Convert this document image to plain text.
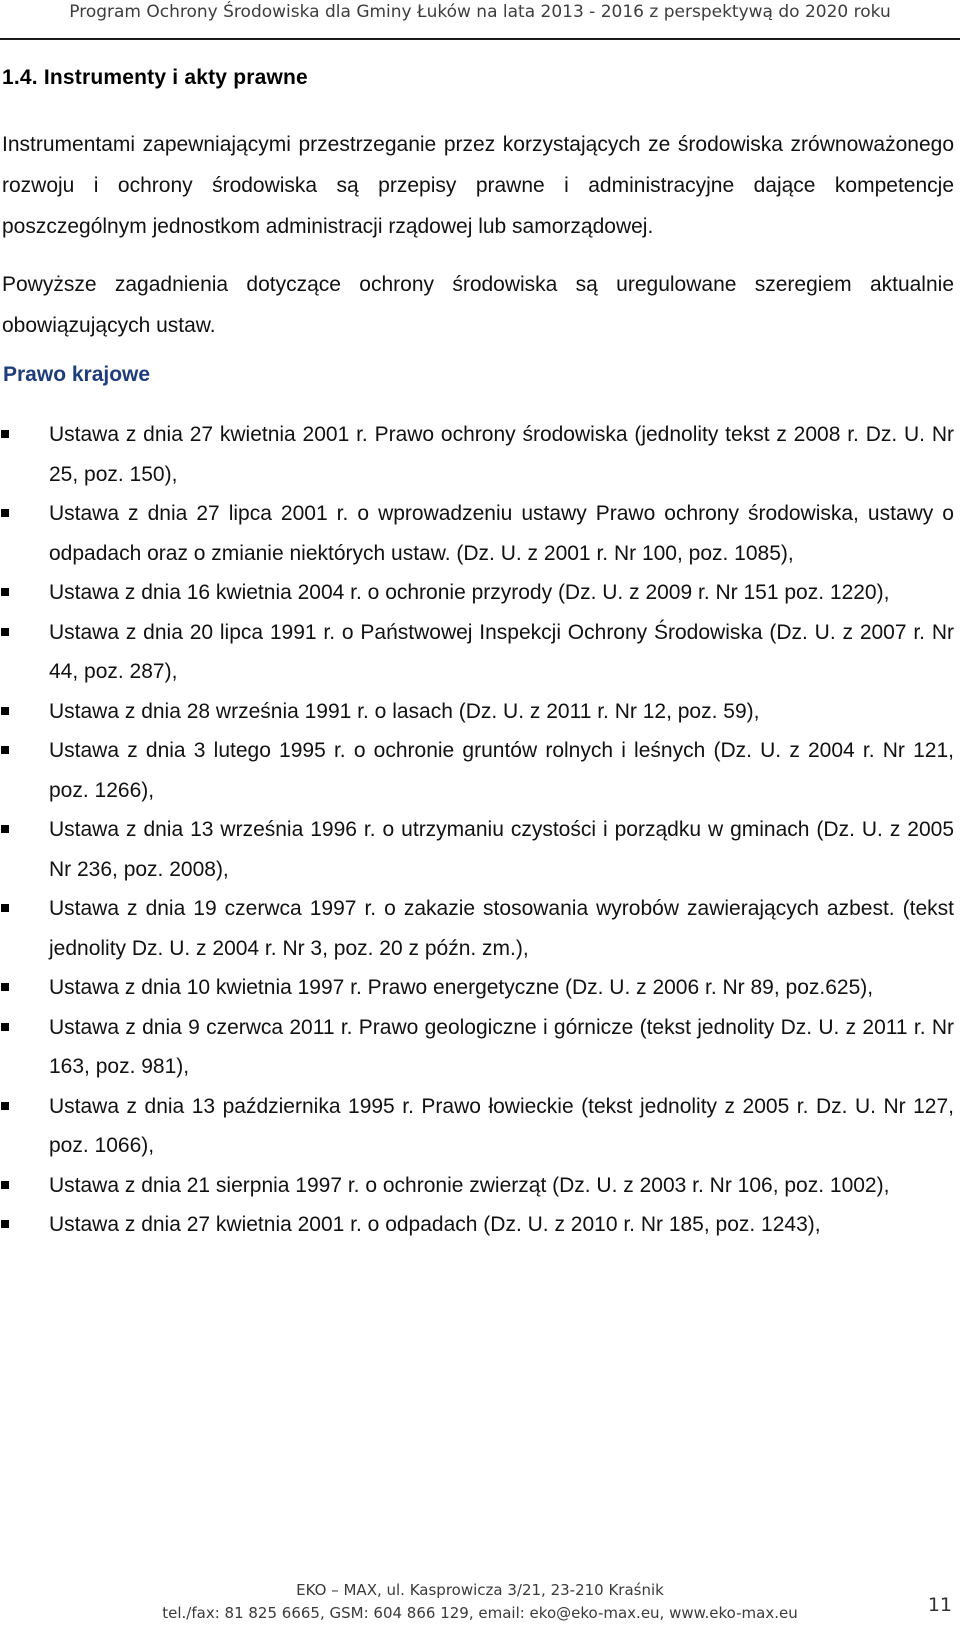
Program Ochrony Środowiska dla Gminy Łuków na lata 2013 - 2016 z perspektywą do 2020 roku
1.4. Instrumenty i akty prawne

Instrumentami zapewniającymi przestrzeganie przez korzystających ze środowiska zrównoważonego rozwoju i ochrony środowiska są przepisy prawne i administracyjne dające kompetencje poszczególnym jednostkom administracji rządowej lub samorządowej.

Powyższe zagadnienia dotyczące ochrony środowiska są uregulowane szeregiem aktualnie obowiązujących ustaw.

Prawo krajowe
Ustawa z dnia 27 kwietnia 2001 r. Prawo ochrony środowiska (jednolity tekst z 2008 r. Dz. U. Nr 25, poz. 150),
Ustawa z dnia 27 lipca 2001 r. o wprowadzeniu ustawy Prawo ochrony środowiska, ustawy o odpadach oraz o zmianie niektórych ustaw. (Dz. U. z 2001 r. Nr 100, poz. 1085),
Ustawa z dnia 16 kwietnia 2004 r. o ochronie przyrody (Dz. U. z 2009 r. Nr 151 poz. 1220),
Ustawa z dnia 20 lipca 1991 r. o Państwowej Inspekcji Ochrony Środowiska (Dz. U. z 2007 r. Nr 44, poz. 287),
Ustawa z dnia 28 września 1991 r. o lasach (Dz. U. z 2011 r. Nr 12, poz. 59),
Ustawa z dnia 3 lutego 1995 r. o ochronie gruntów rolnych i leśnych (Dz. U. z 2004 r. Nr 121, poz. 1266),
Ustawa z dnia 13 września 1996 r. o utrzymaniu czystości i porządku w gminach (Dz. U. z 2005 Nr 236, poz. 2008),
Ustawa z dnia 19 czerwca 1997 r. o zakazie stosowania wyrobów zawierających azbest. (tekst jednolity Dz. U. z 2004 r. Nr 3, poz. 20 z późn. zm.),
Ustawa z dnia 10 kwietnia 1997 r. Prawo energetyczne (Dz. U. z 2006 r. Nr 89, poz.625),
Ustawa z dnia 9 czerwca 2011 r. Prawo geologiczne i górnicze (tekst jednolity Dz. U. z 2011 r. Nr 163, poz. 981),
Ustawa z dnia 13 października 1995 r. Prawo łowieckie (tekst jednolity z 2005 r. Dz. U. Nr 127, poz. 1066),
Ustawa z dnia 21 sierpnia 1997 r. o ochronie zwierząt (Dz. U. z 2003 r. Nr 106, poz. 1002),
Ustawa z dnia 27 kwietnia 2001 r. o odpadach (Dz. U. z 2010 r. Nr 185, poz. 1243),
EKO – MAX, ul. Kasprowicza 3/21, 23-210 Kraśnik
tel./fax: 81 825 6665, GSM: 604 866 129, email: eko@eko-max.eu, www.eko-max.eu	11
